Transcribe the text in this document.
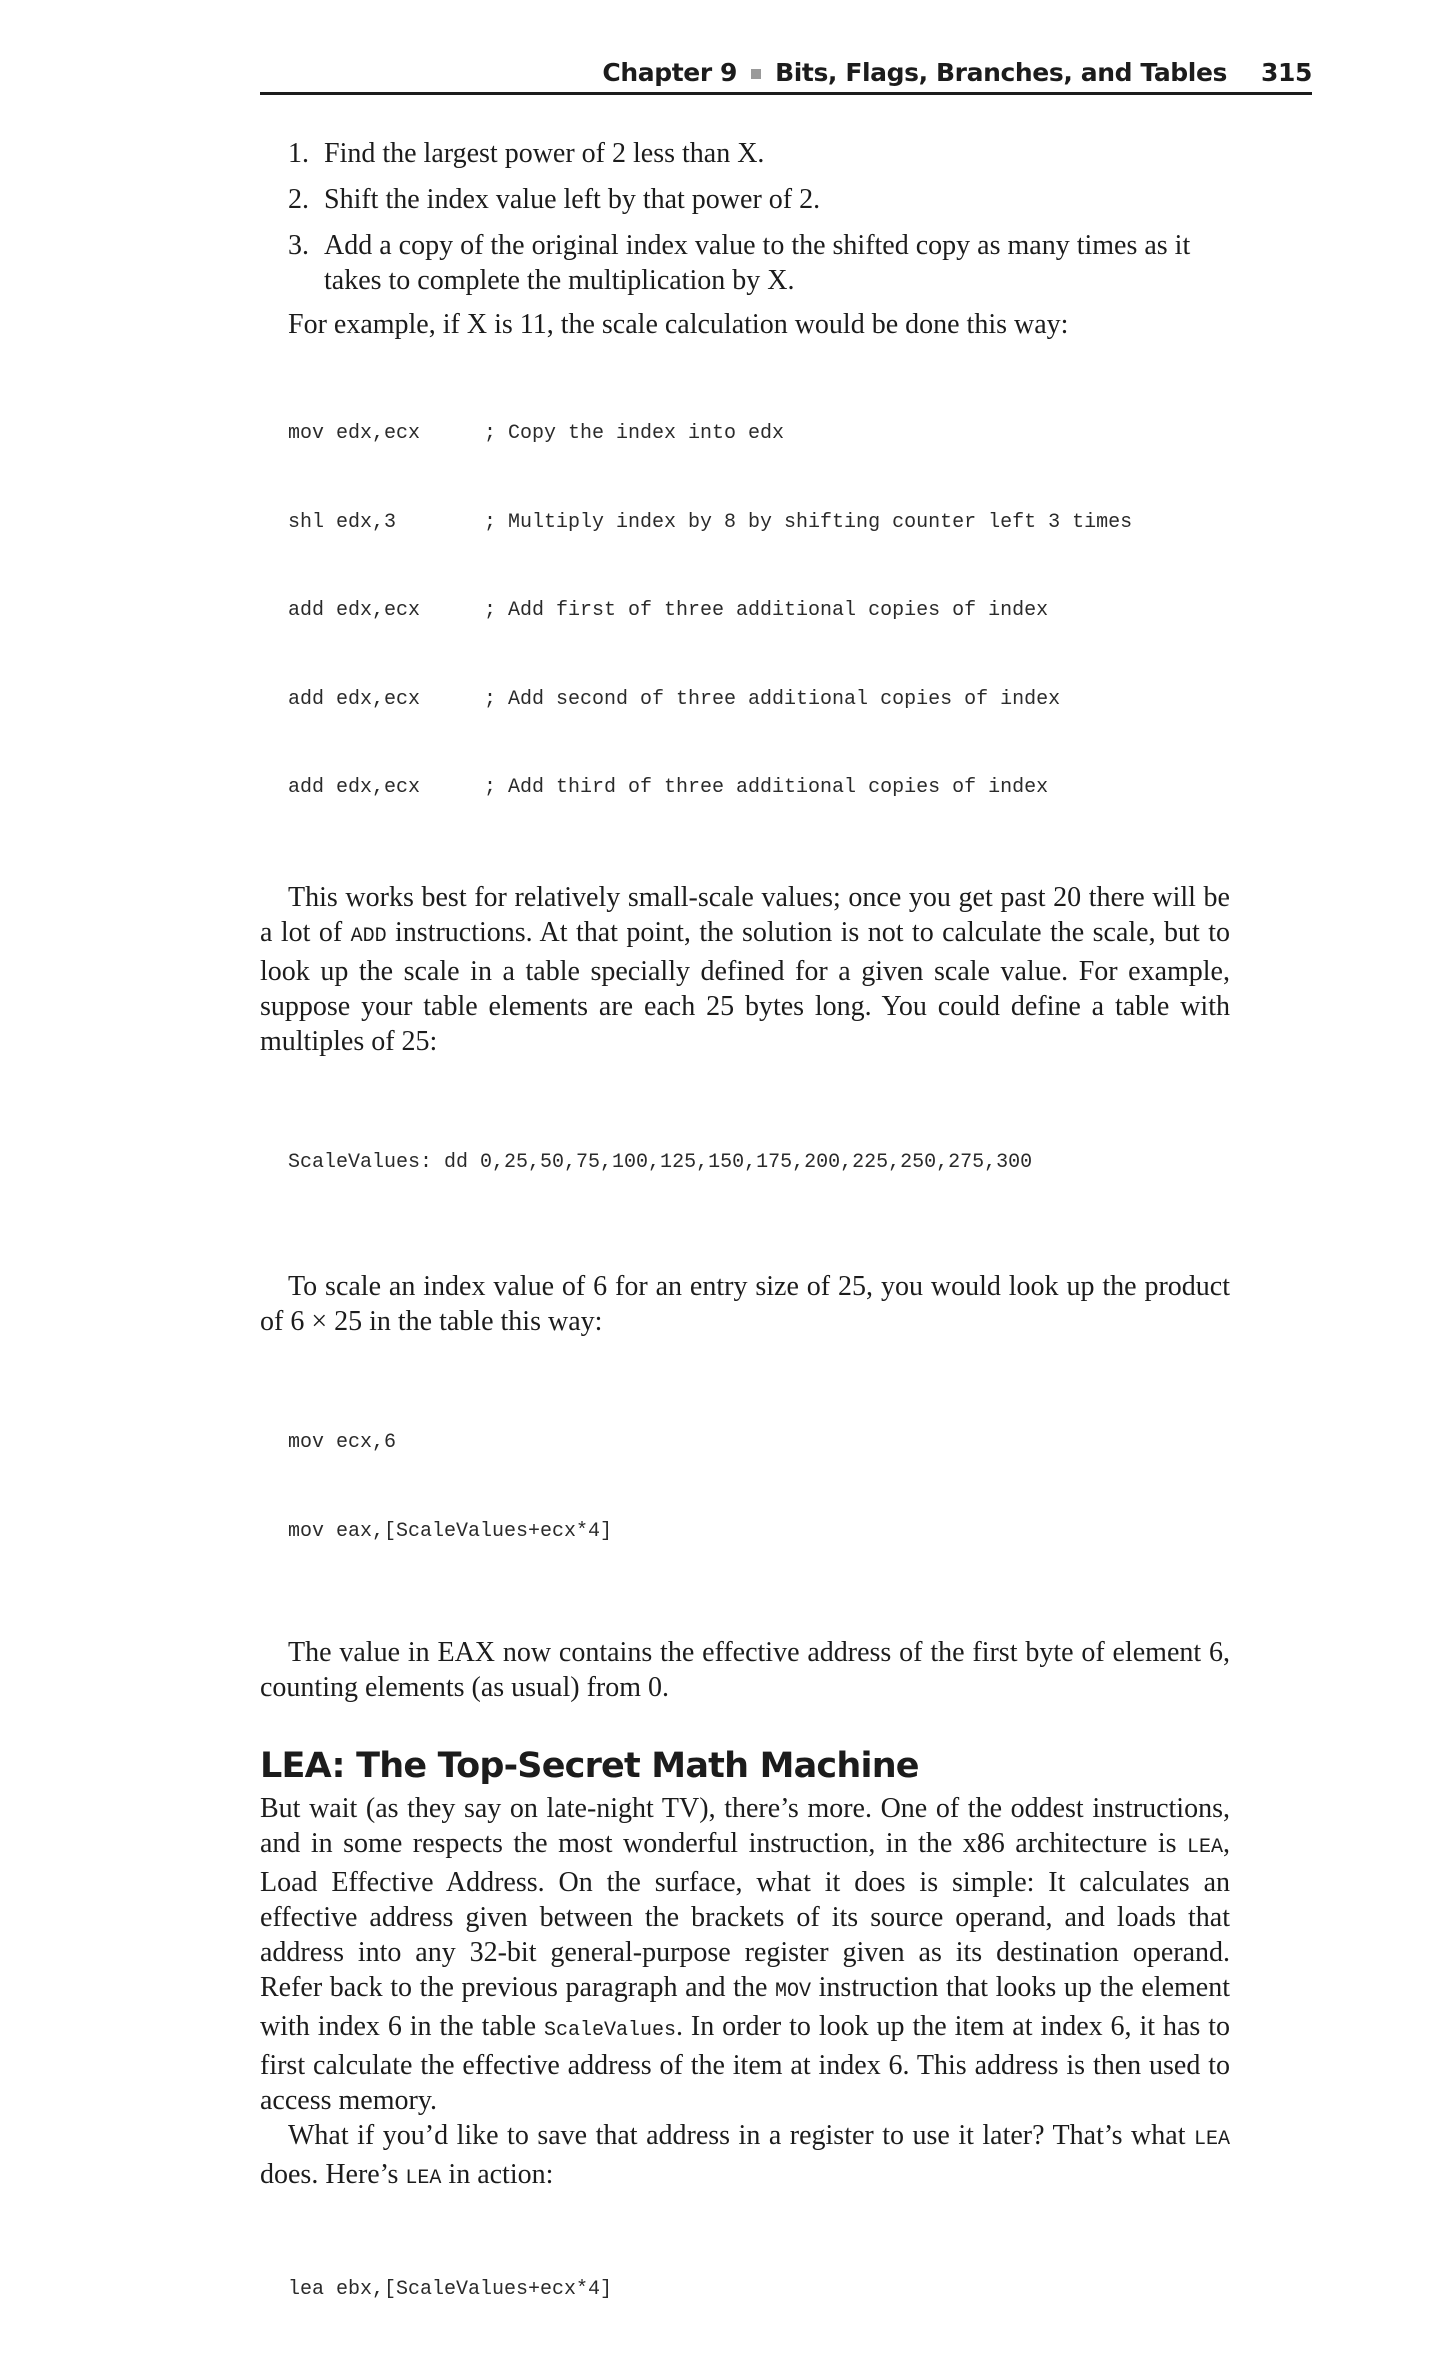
Chapter 9 Bits, Flags, Branches, and Tables 315
1. Find the largest power of 2 less than X.
2. Shift the index value left by that power of 2.
3. Add a copy of the original index value to the shifted copy as many times as it takes to complete the multiplication by X.

For example, if X is 11, the scale calculation would be done this way:

mov edx,ecx	; Copy the index into edx

shl edx,3	; Multiply index by 8 by shifting counter left 3 times

add edx,ecx	; Add first of three additional copies of index

add edx,ecx	; Add second of three additional copies of index

add edx,ecx	; Add third of three additional copies of index

This works best for relatively small-scale values; once you get past 20 there will be a lot of ADD instructions. At that point, the solution is not to calculate the scale, but to look up the scale in a table specially defined for a given scale value. For example, suppose your table elements are each 25 bytes long. You could define a table with multiples of 25:

ScaleValues: dd 0,25,50,75,100,125,150,175,200,225,250,275,300

To scale an index value of 6 for an entry size of 25, you would look up the product of 6 × 25 in the table this way:

mov ecx,6

mov eax,[ScaleValues+ecx*4]

The value in EAX now contains the effective address of the first byte of element 6, counting elements (as usual) from 0.

LEA: The Top-Secret Math Machine

But wait (as they say on late-night TV), there’s more. One of the oddest instructions, and in some respects the most wonderful instruction, in the x86 architecture is LEA, Load Effective Address. On the surface, what it does is simple: It calculates an effective address given between the brackets of its source operand, and loads that address into any 32-bit general-purpose register given as its destination operand. Refer back to the previous paragraph and the MOV instruction that looks up the element with index 6 in the table ScaleValues. In order to look up the item at index 6, it has to first calculate the effective address of the item at index 6. This address is then used to access memory.

What if you’d like to save that address in a register to use it later? That’s what LEA does. Here’s LEA in action:

lea ebx,[ScaleValues+ecx*4]
